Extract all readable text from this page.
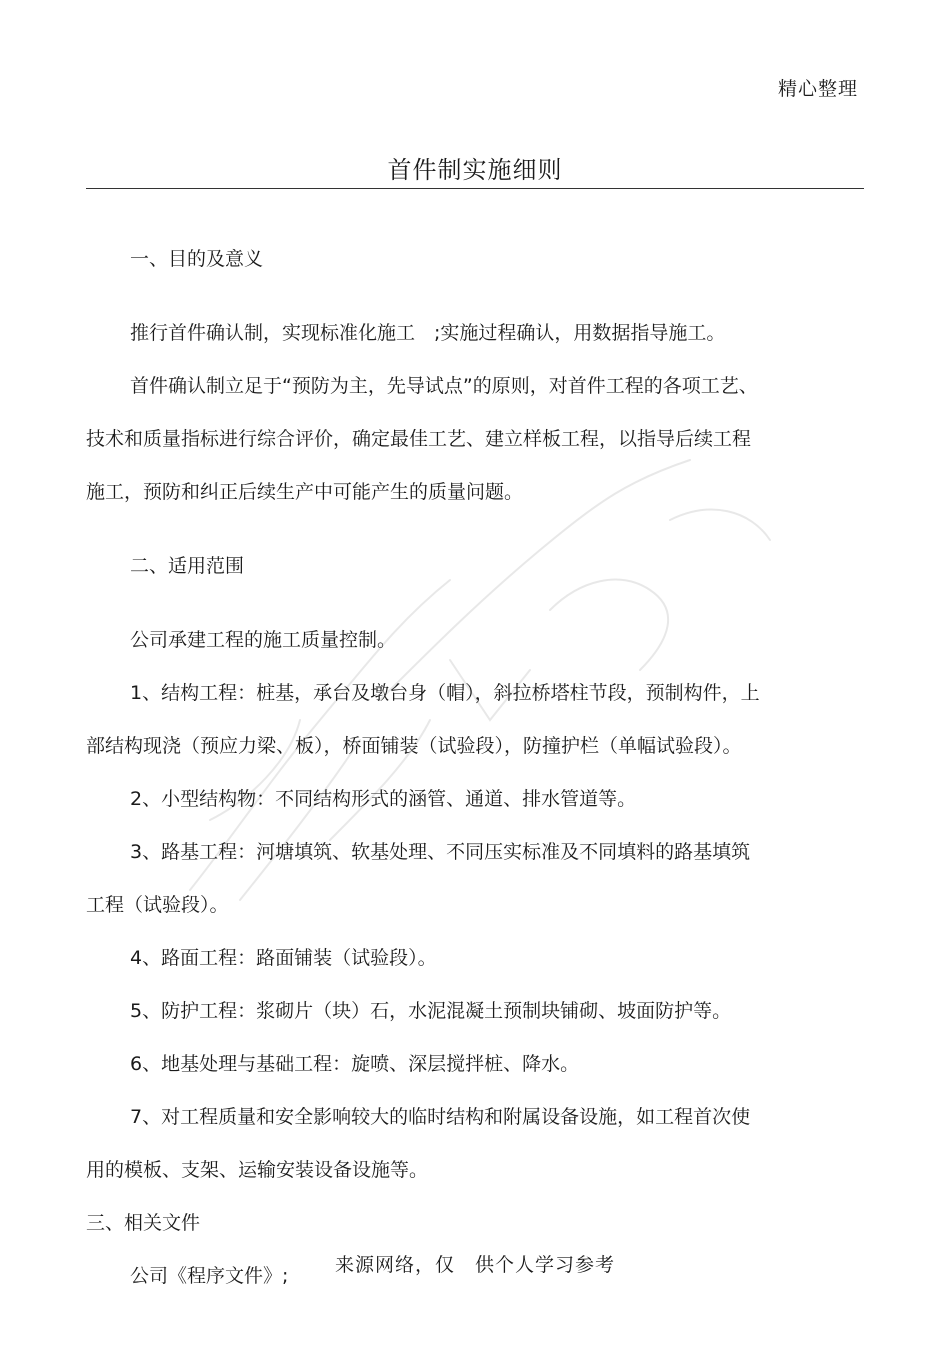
精心整理
首件制实施细则

一、目的及意义

推行首件确认制，实现标准化施工　;实施过程确认，用数据指导施工。

首件确认制立足于“预防为主，先导试点”的原则，对首件工程的各项工艺、

技术和质量指标进行综合评价，确定最佳工艺、建立样板工程，以指导后续工程

施工，预防和纠正后续生产中可能产生的质量问题。

二、适用范围

公司承建工程的施工质量控制。

1、结构工程：桩基，承台及墩台身（帽），斜拉桥塔柱节段，预制构件，上

部结构现浇（预应力梁、板），桥面铺装（试验段），防撞护栏（单幅试验段）。

2、小型结构物：不同结构形式的涵管、通道、排水管道等。

3、路基工程：河塘填筑、软基处理、不同压实标准及不同填料的路基填筑

工程（试验段）。

4、路面工程：路面铺装（试验段）。

5、防护工程：浆砌片（块）石，水泥混凝土预制块铺砌、坡面防护等。

6、地基处理与基础工程：旋喷、深层搅拌桩、降水。

7、对工程质量和安全影响较大的临时结构和附属设备设施，如工程首次使

用的模板、支架、运输安装设备设施等。

三、相关文件

公司《程序文件》;	来源网络，仅　供个人学习参考
